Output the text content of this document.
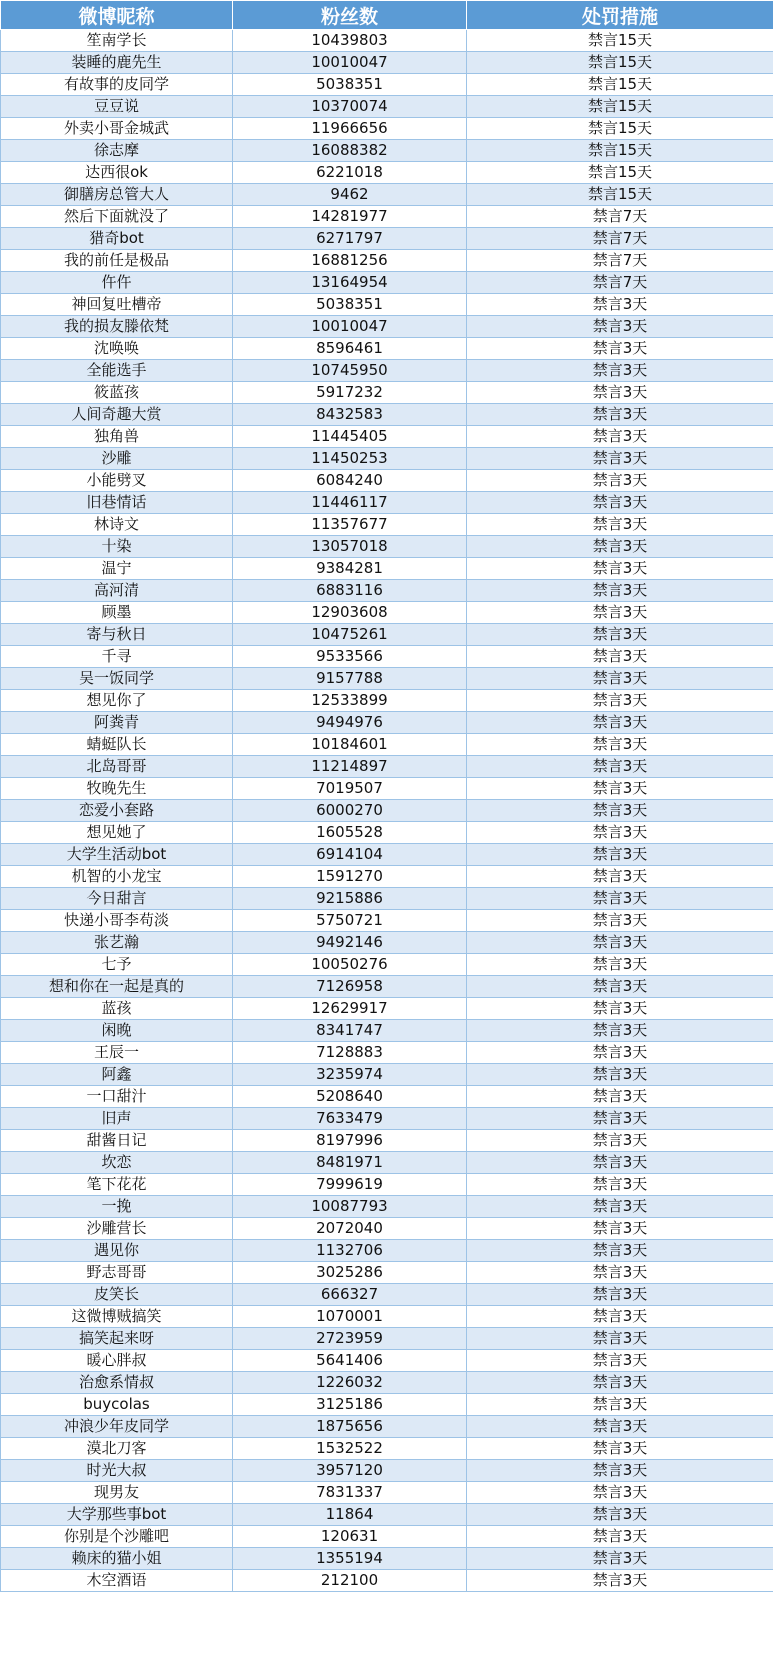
微博昵称	粉丝数	处罚措施
笙南学长	10439803	禁言15天
装睡的鹿先生	10010047	禁言15天
有故事的皮同学	5038351	禁言15天
豆豆说	10370074	禁言15天
外卖小哥金城武	11966656	禁言15天
徐志摩	16088382	禁言15天
达西很ok	6221018	禁言15天
御膳房总管大人	9462	禁言15天
然后下面就没了	14281977	禁言7天
猎奇bot	6271797	禁言7天
我的前任是极品	16881256	禁言7天
仵仵	13164954	禁言7天
神回复吐槽帝	5038351	禁言3天
我的损友滕依梵	10010047	禁言3天
沈唤唤	8596461	禁言3天
全能选手	10745950	禁言3天
筱蓝孩	5917232	禁言3天
人间奇趣大赏	8432583	禁言3天
独角兽	11445405	禁言3天
沙雕	11450253	禁言3天
小能劈叉	6084240	禁言3天
旧巷情话	11446117	禁言3天
林诗文	11357677	禁言3天
十染	13057018	禁言3天
温宁	9384281	禁言3天
高河清	6883116	禁言3天
顾墨	12903608	禁言3天
寄与秋日	10475261	禁言3天
千寻	9533566	禁言3天
吴一饭同学	9157788	禁言3天
想见你了	12533899	禁言3天
阿粪青	9494976	禁言3天
蜻蜓队长	10184601	禁言3天
北岛哥哥	11214897	禁言3天
牧晚先生	7019507	禁言3天
恋爱小套路	6000270	禁言3天
想见她了	1605528	禁言3天
大学生活动bot	6914104	禁言3天
机智的小龙宝	1591270	禁言3天
今日甜言	9215886	禁言3天
快递小哥李苟淡	5750721	禁言3天
张艺瀚	9492146	禁言3天
七予	10050276	禁言3天
想和你在一起是真的	7126958	禁言3天
蓝孩	12629917	禁言3天
闲晚	8341747	禁言3天
王辰一	7128883	禁言3天
阿鑫	3235974	禁言3天
一口甜汁	5208640	禁言3天
旧声	7633479	禁言3天
甜酱日记	8197996	禁言3天
坎恋	8481971	禁言3天
笔下花花	7999619	禁言3天
一挽	10087793	禁言3天
沙雕营长	2072040	禁言3天
遇见你	1132706	禁言3天
野志哥哥	3025286	禁言3天
皮笑长	666327	禁言3天
这微博贼搞笑	1070001	禁言3天
搞笑起来呀	2723959	禁言3天
暖心胖叔	5641406	禁言3天
治愈系情叔	1226032	禁言3天
buycolas	3125186	禁言3天
冲浪少年皮同学	1875656	禁言3天
漠北刀客	1532522	禁言3天
时光大叔	3957120	禁言3天
现男友	7831337	禁言3天
大学那些事bot	11864	禁言3天
你别是个沙雕吧	120631	禁言3天
赖床的猫小姐	1355194	禁言3天
木空酒语	212100	禁言3天
